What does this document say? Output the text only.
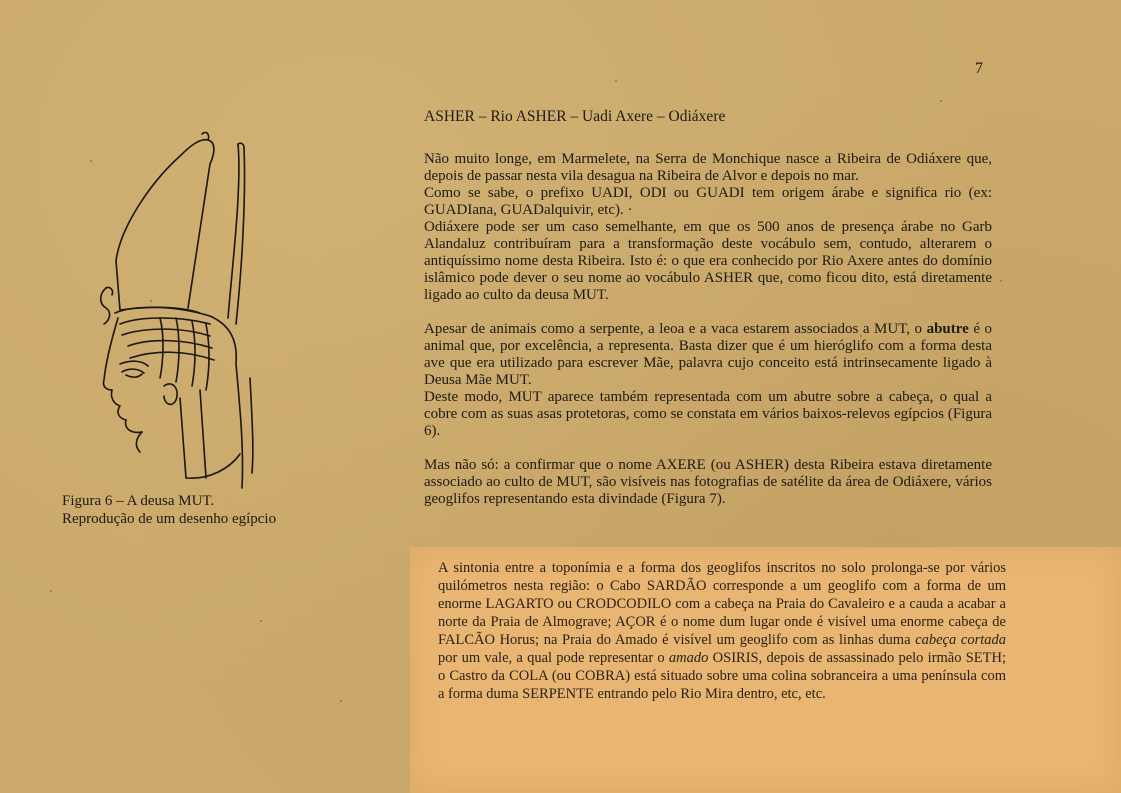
7

ASHER – Rio ASHER – Uadi Axere – Odiáxere

Não muito longe, em Marmelete, na Serra de Monchique nasce a Ribeira de Odiáxere que, depois de passar nesta vila desagua na Ribeira de Alvor e depois no mar.

Como se sabe, o prefixo UADI, ODI ou GUADI tem origem árabe e significa rio (ex: GUADIana, GUADalquivir, etc). ·

Odiáxere pode ser um caso semelhante, em que os 500 anos de presença árabe no Garb Alandaluz contribuíram para a transformação deste vocábulo sem, contudo, alterarem o antiquíssimo nome desta Ribeira. Isto é: o que era conhecido por Rio Axere antes do domínio islâmico pode dever o seu nome ao vocábulo ASHER que, como ficou dito, está diretamente ligado ao culto da deusa MUT.

Apesar de animais como a serpente, a leoa e a vaca estarem associados a MUT, o abutre é o animal que, por excelência, a representa. Basta dizer que é um hieróglifo com a forma desta ave que era utilizado para escrever Mãe, palavra cujo conceito está intrinsecamente ligado à Deusa Mãe MUT.

Deste modo, MUT aparece também representada com um abutre sobre a cabeça, o qual a cobre com as suas asas protetoras, como se constata em vários baixos-relevos egípcios (Figura 6).

Mas não só: a confirmar que o nome AXERE (ou ASHER) desta Ribeira estava diretamente associado ao culto de MUT, são visíveis nas fotografias de satélite da área de Odiáxere, vários geoglifos representando esta divindade (Figura 7).

Figura 6 – A deusa MUT.
Reprodução de um desenho egípcio
A sintonia entre a toponímia e a forma dos geoglifos inscritos no solo prolonga-se por vários quilómetros nesta região: o Cabo SARDÃO corresponde a um geoglifo com a forma de um enorme LAGARTO ou CRODCODILO com a cabeça na Praia do Cavaleiro e a cauda a acabar a norte da Praia de Almograve; AÇOR é o nome dum lugar onde é visível uma enorme cabeça de FALCÃO Horus; na Praia do Amado é visível um geoglifo com as linhas duma cabeça cortada por um vale, a qual pode representar o amado OSIRIS, depois de assassinado pelo irmão SETH; o Castro da COLA (ou COBRA) está situado sobre uma colina sobranceira a uma península com a forma duma SERPENTE entrando pelo Rio Mira dentro, etc, etc.
